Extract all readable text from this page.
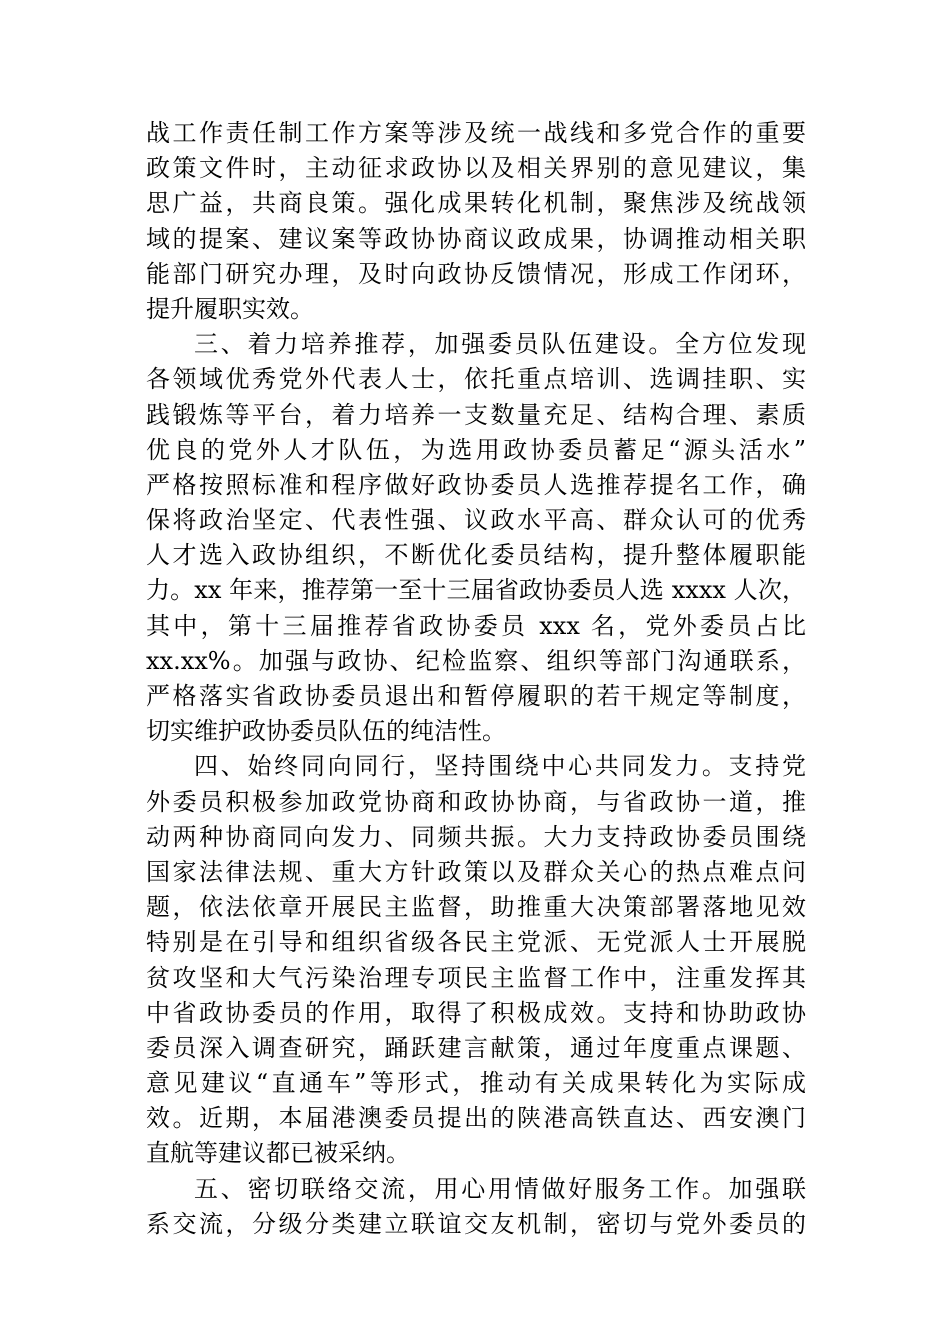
战工作责任制工作方案等涉及统一战线和多党合作的重要
政策文件时，主动征求政协以及相关界别的意见建议，集
思广益，共商良策。强化成果转化机制，聚焦涉及统战领
域的提案、建议案等政协协商议政成果，协调推动相关职
能部门研究办理，及时向政协反馈情况，形成工作闭环，
提升履职实效。
三、着力培养推荐，加强委员队伍建设。全方位发现
各领域优秀党外代表人士，依托重点培训、选调挂职、实
践锻炼等平台，着力培养一支数量充足、结构合理、素质
优良的党外人才队伍，为选用政协委员蓄足“源头活水”
严格按照标准和程序做好政协委员人选推荐提名工作，确
保将政治坚定、代表性强、议政水平高、群众认可的优秀
人才选入政协组织，不断优化委员结构，提升整体履职能
力。xx 年来，推荐第一至十三届省政协委员人选 xxxx 人次，
其中，第十三届推荐省政协委员 xxx 名，党外委员占比
xx.xx%。加强与政协、纪检监察、组织等部门沟通联系，
严格落实省政协委员退出和暂停履职的若干规定等制度，
切实维护政协委员队伍的纯洁性。
四、始终同向同行，坚持围绕中心共同发力。支持党
外委员积极参加政党协商和政协协商，与省政协一道，推
动两种协商同向发力、同频共振。大力支持政协委员围绕
国家法律法规、重大方针政策以及群众关心的热点难点问
题，依法依章开展民主监督，助推重大决策部署落地见效
特别是在引导和组织省级各民主党派、无党派人士开展脱
贫攻坚和大气污染治理专项民主监督工作中，注重发挥其
中省政协委员的作用，取得了积极成效。支持和协助政协
委员深入调查研究，踊跃建言献策，通过年度重点课题、
意见建议“直通车”等形式，推动有关成果转化为实际成
效。近期，本届港澳委员提出的陕港高铁直达、西安澳门
直航等建议都已被采纳。
五、密切联络交流，用心用情做好服务工作。加强联
系交流，分级分类建立联谊交友机制，密切与党外委员的
